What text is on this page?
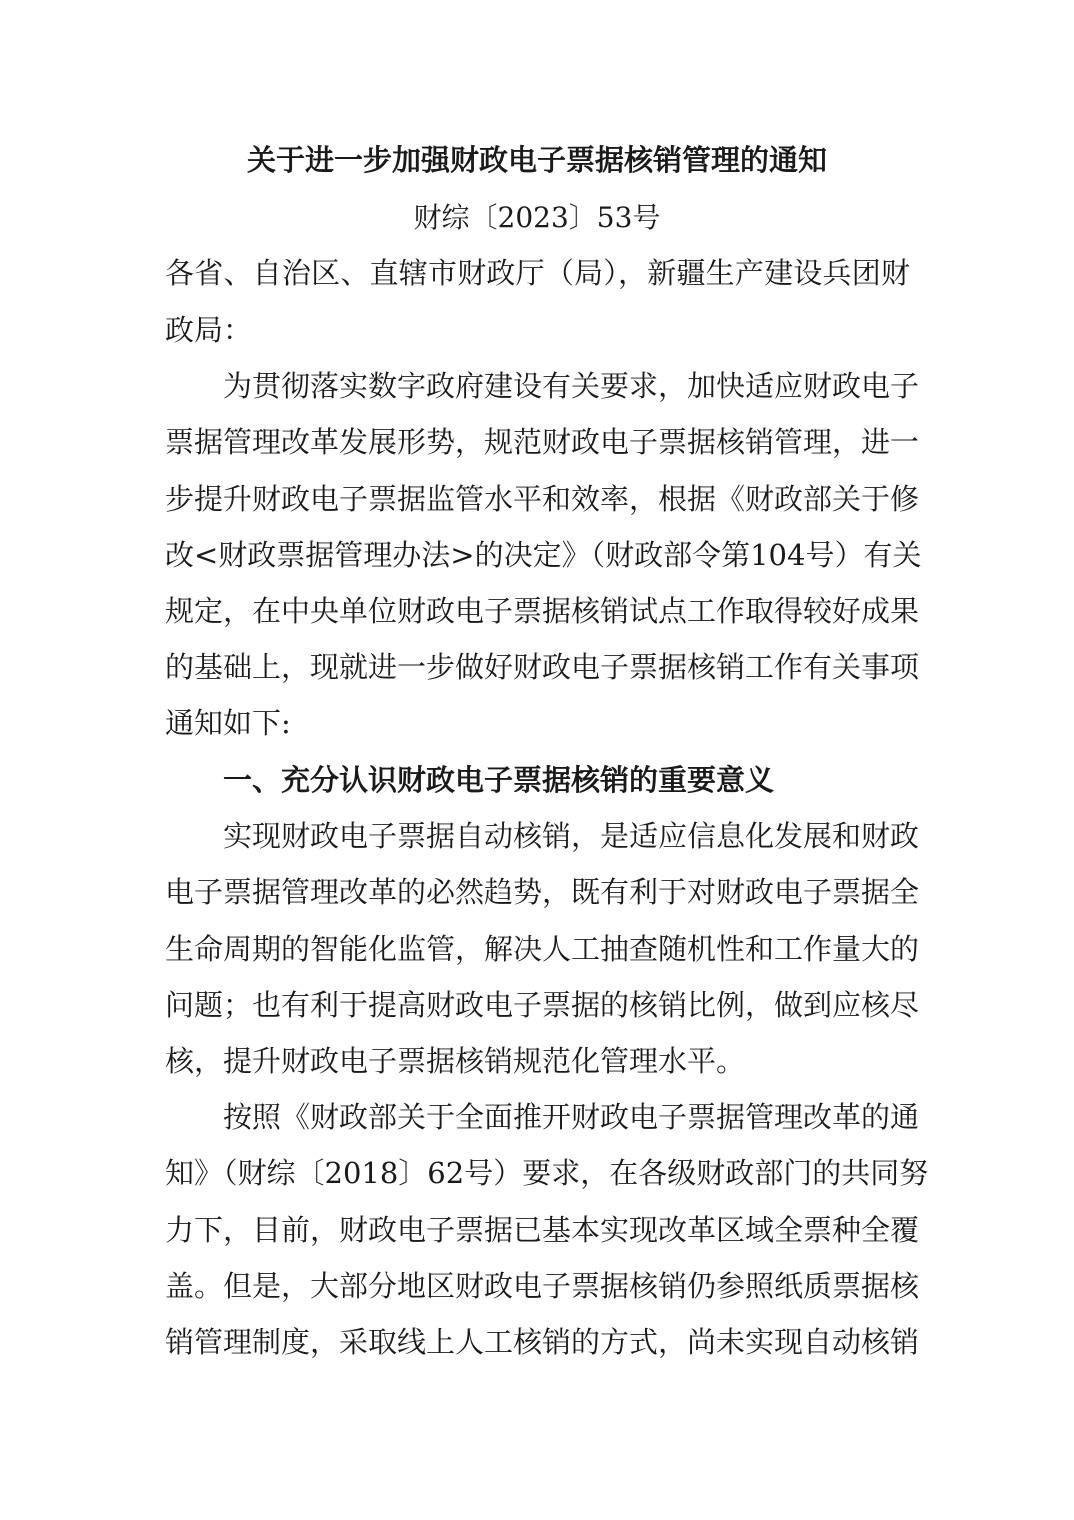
关于进一步加强财政电子票据核销管理的通知
财综〔2023〕53号
各省、自治区、直辖市财政厅（局），新疆生产建设兵团财
政局：
为贯彻落实数字政府建设有关要求，加快适应财政电子
票据管理改革发展形势，规范财政电子票据核销管理，进一
步提升财政电子票据监管水平和效率，根据《财政部关于修
改<财政票据管理办法>的决定》（财政部令第104号）有关
规定，在中央单位财政电子票据核销试点工作取得较好成果
的基础上，现就进一步做好财政电子票据核销工作有关事项
通知如下:
一、充分认识财政电子票据核销的重要意义
实现财政电子票据自动核销，是适应信息化发展和财政
电子票据管理改革的必然趋势，既有利于对财政电子票据全
生命周期的智能化监管，解决人工抽查随机性和工作量大的
问题；也有利于提高财政电子票据的核销比例，做到应核尽
核，提升财政电子票据核销规范化管理水平。
按照《财政部关于全面推开财政电子票据管理改革的通
知》（财综〔2018〕62号）要求，在各级财政部门的共同努
力下，目前，财政电子票据已基本实现改革区域全票种全覆
盖。但是，大部分地区财政电子票据核销仍参照纸质票据核
销管理制度，采取线上人工核销的方式，尚未实现自动核销
